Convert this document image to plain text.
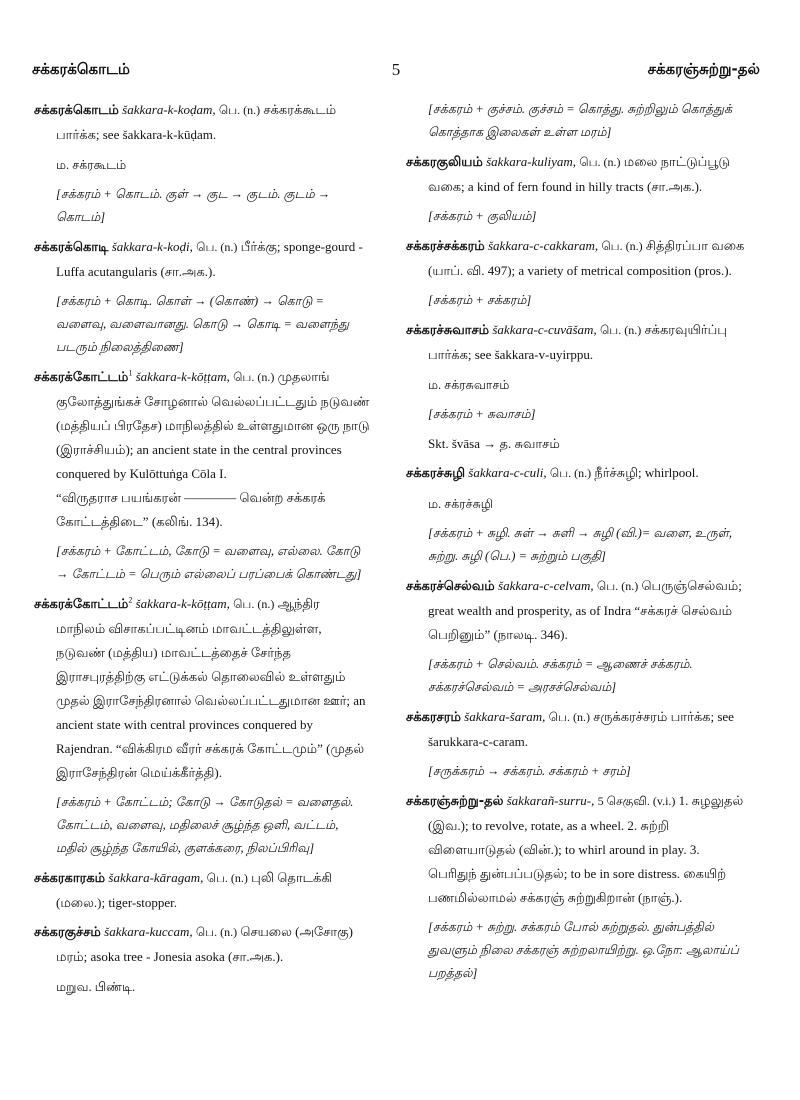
சக்கரக்கொடம்	5	சக்கரஞ்சுற்று-தல்
சக்கரக்கொடம் šakkara-k-koḍam, பெ. (n.) சக்கரக்கூடம் பார்க்க; see šakkara-k-kūḍam.
ம. சக்ரகூடம்
[சக்கரம் + கொடம். குள் → குட → குடம். குடம் → கொடம்]
சக்கரக்கொடி šakkara-k-koḍi, பெ. (n.) பீர்க்கு; sponge-gourd - Luffa acutangularis (சா.அக.).
[சக்கரம் + கொடி. கொள் → (கொண்) → கொடு = வளைவு, வளைவானது. கொடு → கொடி = வளைந்து படரும் நிலைத்திணை]
சக்கரக்கோட்டம்$^1$ šakkara-k-kōṭṭam, பெ. (n.) முதலாங் குலோத்துங்கச் சோழனால் வெல்லப்பட்டதும் நடுவண் (மத்தியப் பிரதேச) மாநிலத்தில் உள்ளதுமான ஒரு நாடு (இராச்சியம்); an ancient state in the central provinces conquered by Kulōttuṅga Cōla I.
“விருதராச பயங்கரன் ———— வென்ற சக்கரக் கோட்டத்திடை” (கலிங். 134).
[சக்கரம் + கோட்டம், கோடு = வளைவு, எல்லை. கோடு → கோட்டம் = பெரும் எல்லைப் பரப்பைக் கொண்டது]
சக்கரக்கோட்டம்$^2$ šakkara-k-kōṭṭam, பெ. (n.) ஆந்திர மாநிலம் விசாகப்பட்டினம் மாவட்டத்திலுள்ள, நடுவண் (மத்திய) மாவட்டத்தைச் சேர்ந்த இராசபுரத்திற்கு எட்டுக்கல் தொலைவில் உள்ளதும் முதல் இராசேந்திரனால் வெல்லப்பட்டதுமான ஊர்; an ancient state with central provinces conquered by Rajendran. “விக்கிரம வீரர் சக்கரக் கோட்டமும்” (முதல் இராசேந்திரன் மெய்க்கீர்த்தி).
[சக்கரம் + கோட்டம்; கோடு → கோடுதல் = வளைதல். கோட்டம், வளைவு, மதிலைச் சூழ்ந்த ஒளி, வட்டம், மதில் சூழ்ந்த கோயில், குளக்கரை, நிலப்பிரிவு]
சக்கரகாரகம் šakkara-kāragam, பெ. (n.) புலி தொடக்கி (மலை.); tiger-stopper.
சக்கரகுச்சம் šakkara-kuccam, பெ. (n.) செயலை (அசோகு) மரம்; asoka tree - Jonesia asoka (சா.அக.).
மறுவ. பிண்டி.
[சக்கரம் + குச்சம். குச்சம் = கொத்து. சுற்றிலும் கொத்துக் கொத்தாக இலைகள் உள்ள மரம்]
சக்கரகுலியம் šakkara-kuliyam, பெ. (n.) மலை நாட்டுப்பூடு வகை; a kind of fern found in hilly tracts (சா.அக.).
[சக்கரம் + குலியம்]
சக்கரச்சக்கரம் šakkara-c-cakkaram, பெ. (n.) சித்திரப்பா வகை (யாப். வி. 497); a variety of metrical composition (pros.).
[சக்கரம் + சக்கரம்]
சக்கரச்சுவாசம் šakkara-c-cuvāšam, பெ. (n.) சக்கரவுயிர்ப்பு பார்க்க; see šakkara-v-uyirppu.
ம. சக்ரசுவாசம்
[சக்கரம் + சுவாசம்]
Skt. švāsa → த. சுவாசம்
சக்கரச்சுழி šakkara-c-culi, பெ. (n.) நீர்ச்சுழி; whirlpool.
ம. சக்ரச்சுழி
[சக்கரம் + சுழி. சுள் → சுளி → சுழி (வி.)= வளை, உருள், சுற்று. சுழி (பெ.) = சுற்றும் பகுதி]
சக்கரச்செல்வம் šakkara-c-celvam, பெ. (n.) பெருஞ்செல்வம்; great wealth and prosperity, as of Indra “சக்கரச் செல்வம் பெறினும்” (நாலடி. 346).
[சக்கரம் + செல்வம். சக்கரம் = ஆணைச் சக்கரம். சக்கரச்செல்வம் = அரசச்செல்வம்]
சக்கரசரம் šakkara-šaram, பெ. (n.) சருக்கரச்சரம் பார்க்க; see šarukkara-c-caram.
[சருக்கரம் → சக்கரம். சக்கரம் + சரம்]
சக்கரஞ்சுற்று-தல் šakkarañ-surru-, 5 செகுவி. (v.i.) 1. சுழலுதல் (இவ.); to revolve, rotate, as a wheel. 2. சுற்றி விளையாடுதல் (வின்.); to whirl around in play. 3. பெரிதுந் துன்பப்படுதல்; to be in sore distress. கையிற் பணமில்லாமல் சக்கரஞ் சுற்றுகிறான் (நாஞ்.).
[சக்கரம் + சுற்று. சக்கரம் போல் சுற்றுதல். துன்பத்தில் துவளும் நிலை சக்கரஞ் சுற்றலாயிற்று. ஒ.நோ: ஆலாய்ப் பறத்தல்]
